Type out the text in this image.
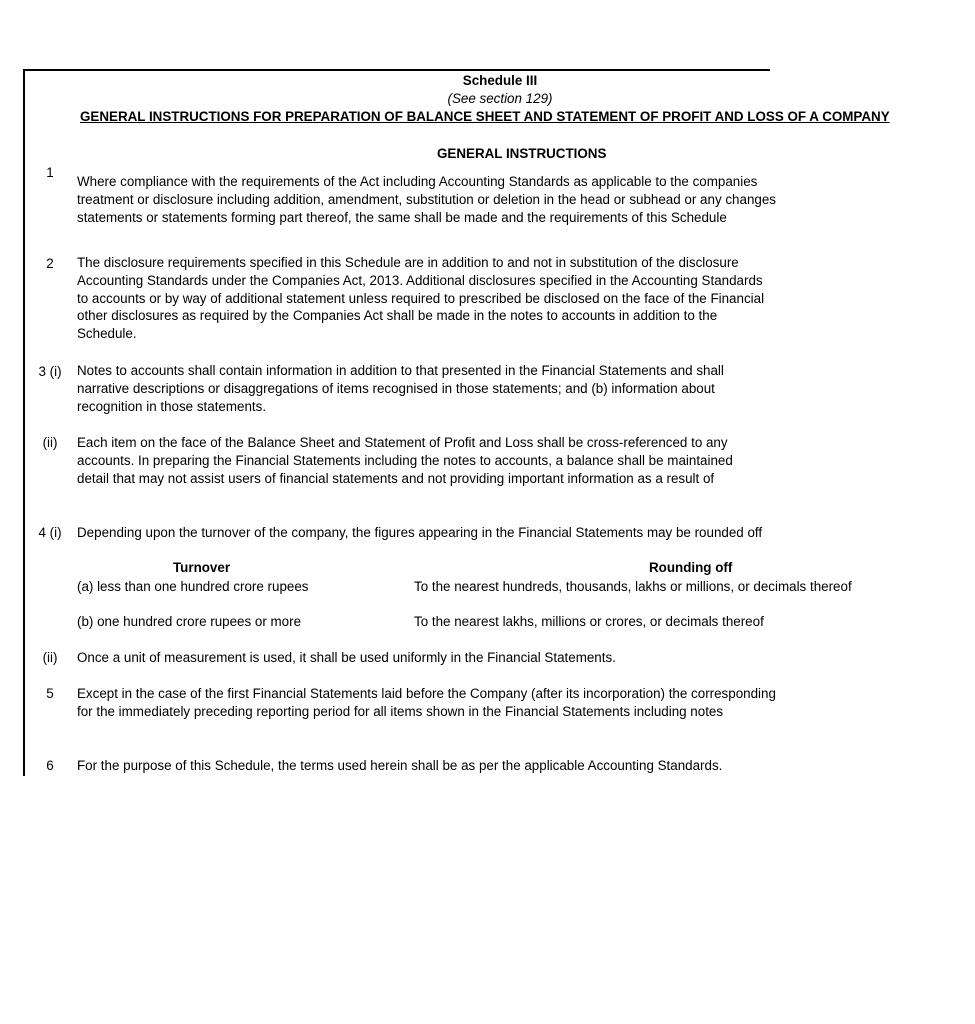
Schedule III
(See section 129)
GENERAL INSTRUCTIONS FOR PREPARATION OF BALANCE SHEET AND STATEMENT OF PROFIT AND LOSS OF A COMPANY
GENERAL INSTRUCTIONS
1
Where compliance with the requirements of the Act including Accounting Standards as applicable to the companies
treatment or disclosure including addition, amendment, substitution or deletion in the head or subhead or any changes
statements or statements forming part thereof, the same shall be made and the requirements of this Schedule
2	The disclosure requirements specified in this Schedule are in addition to and not in substitution of the disclosure
Accounting Standards under the Companies Act, 2013. Additional disclosures specified in the Accounting Standards
to accounts or by way of additional statement unless required to prescribed be disclosed on the face of the Financial
other disclosures as required by the Companies Act shall be made in the notes to accounts in addition to the
Schedule.
3 (i)	Notes to accounts shall contain information in addition to that presented in the Financial Statements and shall
narrative descriptions or disaggregations of items recognised in those statements; and (b) information about
recognition in those statements.
(ii)	Each item on the face of the Balance Sheet and Statement of Profit and Loss shall be cross-referenced to any
accounts. In preparing the Financial Statements including the notes to accounts, a balance shall be maintained
detail that may not assist users of financial statements and not providing important information as a result of
4 (i)	Depending upon the turnover of the company, the figures appearing in the Financial Statements may be rounded off
Turnover	Rounding off
(a) less than one hundred crore rupees	To the nearest hundreds, thousands, lakhs or millions, or decimals thereof
(b) one hundred crore rupees or more	To the nearest lakhs, millions or crores, or decimals thereof
(ii)	Once a unit of measurement is used, it shall be used uniformly in the Financial Statements.
5	Except in the case of the first Financial Statements laid before the Company (after its incorporation) the corresponding
for the immediately preceding reporting period for all items shown in the Financial Statements including notes
6	For the purpose of this Schedule, the terms used herein shall be as per the applicable Accounting Standards.
